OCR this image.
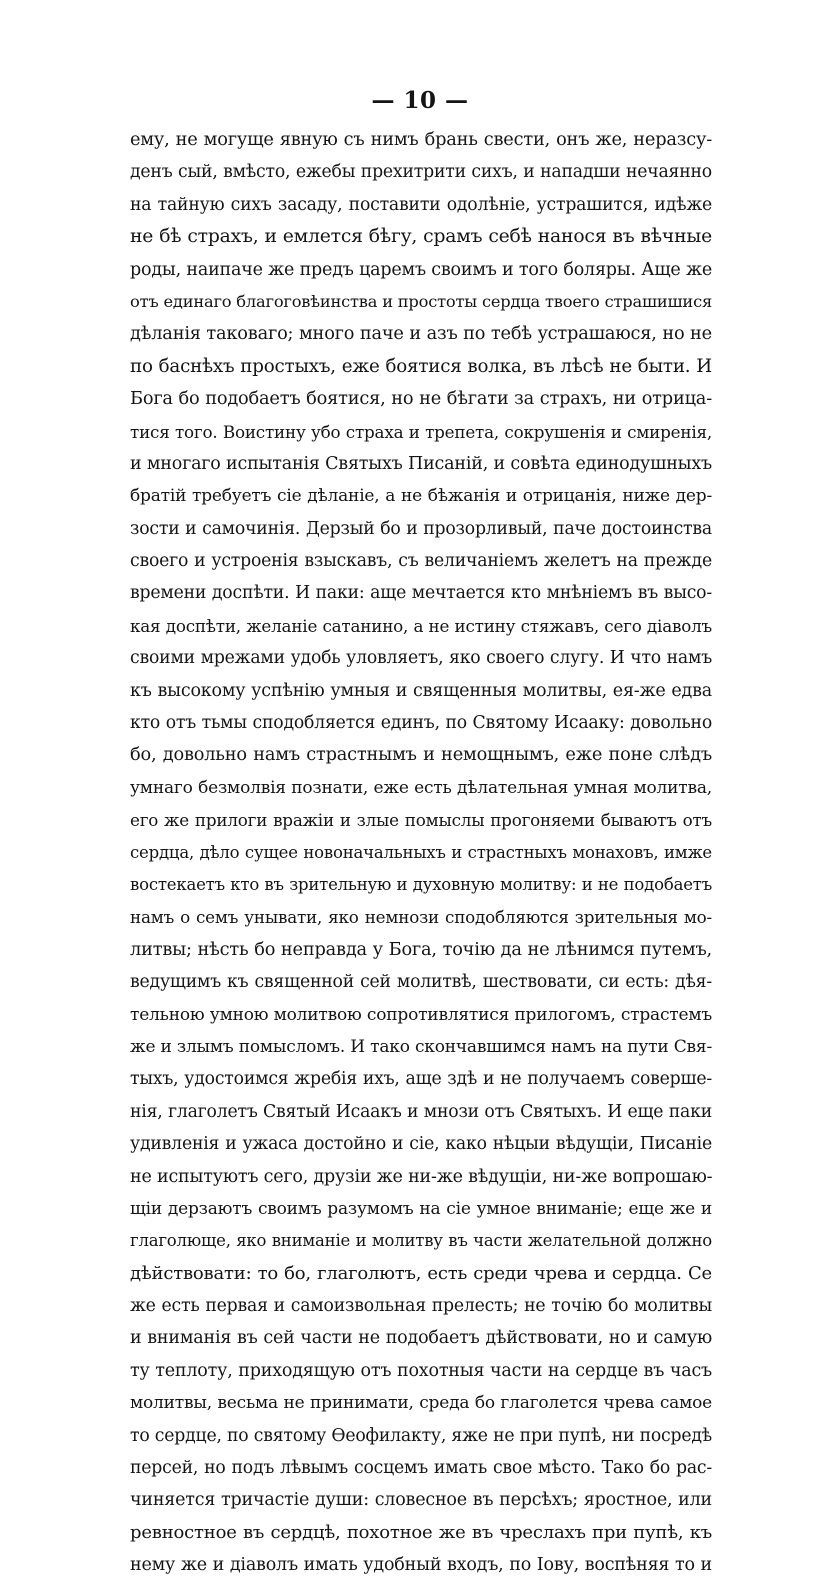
— 10 —
ему, не могуще явную съ нимъ брань свести, онъ же, неразсу-
денъ сый, вмѣсто, ежебы прехитрити сихъ, и нападши нечаянно
на тайную сихъ засаду, поставити одолѣніе, устрашится, идѣже
не бѣ страхъ, и емлется бѣгу, срамъ себѣ нанося въ вѣчные
роды, наипаче же предъ царемъ своимъ и того боляры. Аще же
отъ единаго благоговѣинства и простоты сердца твоего страшишися
дѣланія таковаго; много паче и азъ по тебѣ устрашаюся, но не
по баснѣхъ простыхъ, еже боятися волка, въ лѣсѣ не быти. И
Бога бо подобаетъ боятися, но не бѣгати за страхъ, ни отрица-
тися того. Воистину убо страха и трепета, сокрушенія и смиренія,
и многаго испытанія Святыхъ Писаній, и совѣта единодушныхъ
братій требуетъ сіе дѣланіе, а не бѣжанія и отрицанія, ниже дер-
зости и самочинія. Дерзый бо и прозорливый, паче достоинства
своего и устроенія взыскавъ, съ величаніемъ желетъ на прежде
времени доспѣти. И паки: аще мечтается кто мнѣніемъ въ высо-
кая доспѣти, желаніе сатанино, а не истину стяжавъ, сего діаволъ
своими мрежами удобь уловляетъ, яко своего слугу. И что намъ
къ высокому успѣнію умныя и священныя молитвы, ея-же едва
кто отъ тьмы сподобляется единъ, по Святому Исааку: довольно
бо, довольно намъ страстнымъ и немощнымъ, еже поне слѣдъ
умнаго безмолвія познати, еже есть дѣлательная умная молитва,
его же прилоги вражіи и злые помыслы прогоняеми бываютъ отъ
сердца, дѣло сущее новоначальныхъ и страстныхъ монаховъ, имже
востекаетъ кто въ зрительную и духовную молитву: и не подобаетъ
намъ о семъ унывати, яко немнози сподобляются зрительныя мо-
литвы; нѣсть бо неправда у Бога, точію да не лѣнимся путемъ,
ведущимъ къ священной сей молитвѣ, шествовати, си есть: дѣя-
тельною умною молитвою сопротивлятися прилогомъ, страстемъ
же и злымъ помысломъ. И тако скончавшимся намъ на пути Свя-
тыхъ, удостоимся жребія ихъ, аще здѣ и не получаемъ соверше-
нія, глаголетъ Святый Исаакъ и мнози отъ Святыхъ. И еще паки
удивленія и ужаса достойно и сіе, како нѣцыи вѣдущіи, Писаніе
не испытуютъ сего, друзіи же ни-же вѣдущіи, ни-же вопрошаю-
щіи дерзаютъ своимъ разумомъ на сіе умное вниманіе; еще же и
глаголюще, яко вниманіе и молитву въ части желательной должно
дѣйствовати: то бо, глаголютъ, есть среди чрева и сердца. Се
же есть первая и самоизвольная прелесть; не точію бо молитвы
и вниманія въ сей части не подобаетъ дѣйствовати, но и самую
ту теплоту, приходящую отъ похотныя части на сердце въ часъ
молитвы, весьма не принимати, среда бо глаголется чрева самое
то сердце, по святому Ѳеофилакту, яже не при пупѣ, ни посредѣ
персей, но подъ лѣвымъ сосцемъ имать свое мѣсто. Тако бо рас-
чиняется тричастіе души: словесное въ персѣхъ; яростное, или
ревностное въ сердцѣ, похотное же въ чреслахъ при пупѣ, къ
нему же и діаволъ имать удобный входъ, по Іову, воспѣняя то и
